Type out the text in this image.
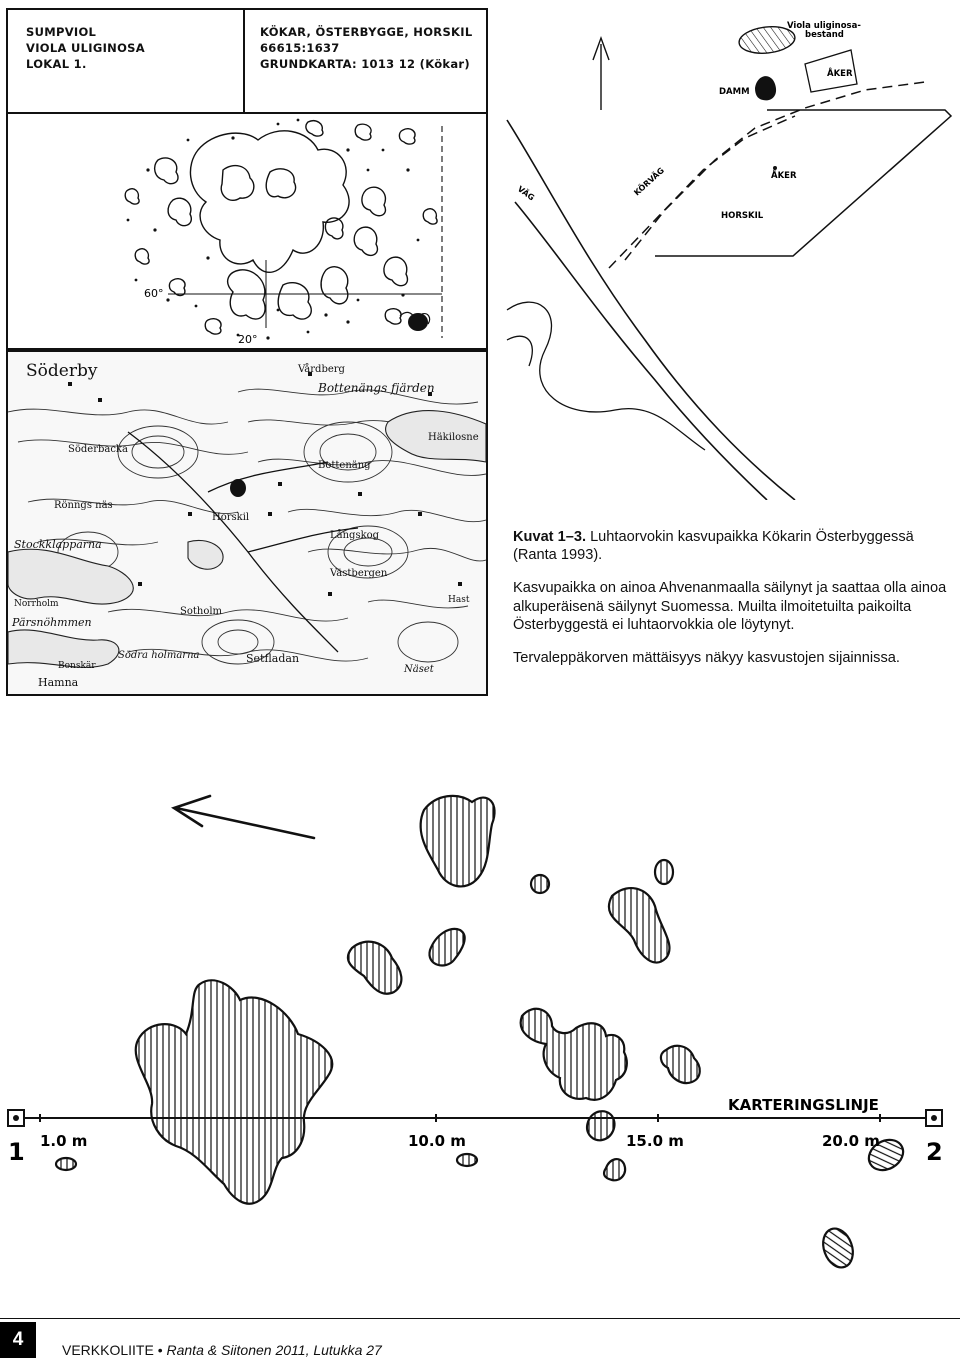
SUMPVIOL
VIOLA ULIGINOSA
LOKAL 1.
KÖKAR, ÖSTERBYGGE, HORSKIL
66615:1637
GRUNDKARTA: 1013 12 (Kökar)
60°
20°
Söderby	Vårdberg
Bottenängs fjärden
Häkilosne
Söderbacka
Bottenäng
Horskil
Rönngs näs
Stockklapparna
Långskog
Västbergen
Sotholm
Norrholm
Pärsnöhmmen
Södra holmarna
Bonskär
Hamna
Setfladan
Näset
Hast
Viola uliginosa- bestand
DAMM
ÅKER
KÖRVÄG	ÅKER
HORSKIL
VÄG

Kuvat 1–3. Luhtaorvokin kasvupaikka Kökarin Österbyggessä (Ranta 1993).

Kasvupaikka on ainoa Ahvenanmaalla säilynyt ja saattaa olla ainoa alkuperäisenä säilynyt Suomessa. Muilta ilmoitetuilta paikoilta Österbyggestä ei luhtaorvokkia ole löytynyt.

Tervaleppäkorven mättäisyys näkyy kasvustojen sijainnissa.

KARTERINGSLINJE
1	2
1.0 m	10.0 m	15.0 m	20.0 m
4	VERKKOLIITE • Ranta & Siitonen 2011, Lutukka 27
